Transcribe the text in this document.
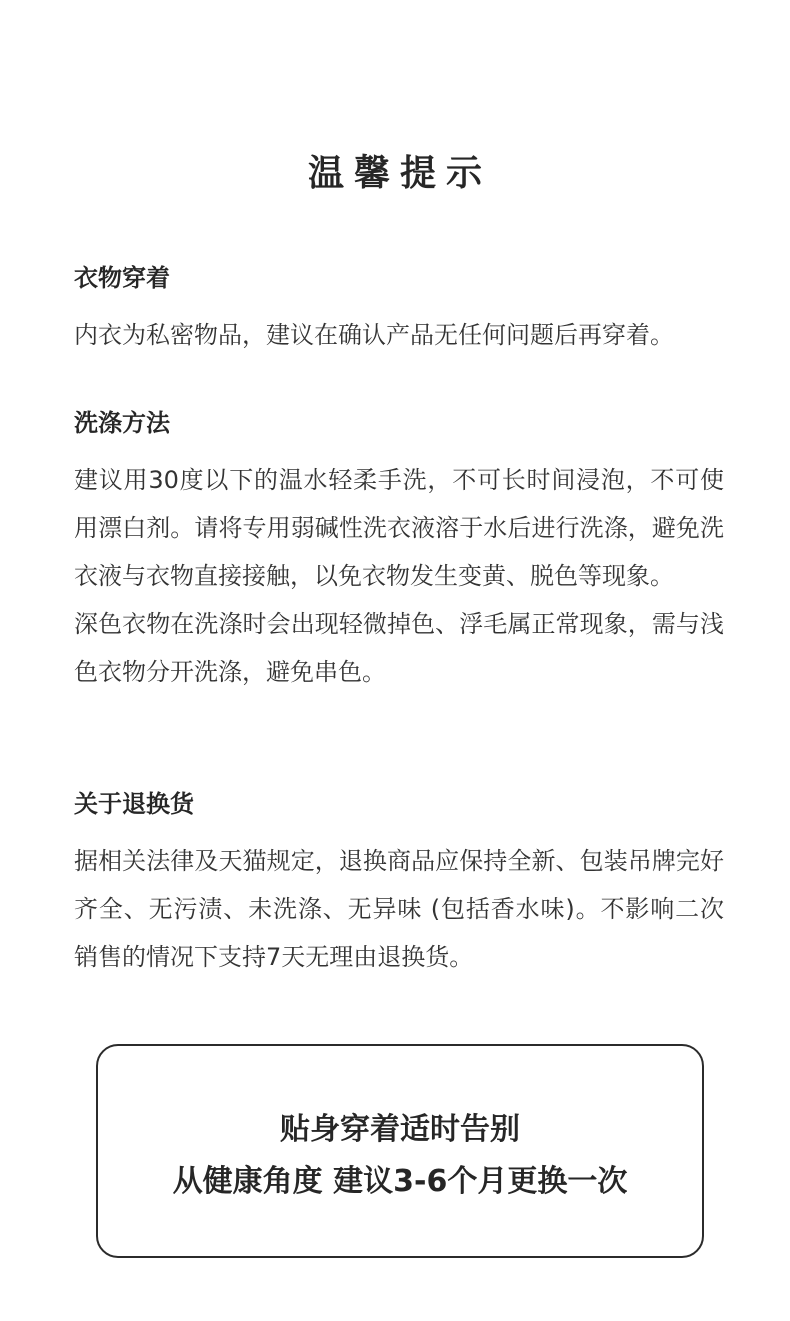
温馨提示
衣物穿着

内衣为私密物品，建议在确认产品无任何问题后再穿着。

洗涤方法

建议用30度以下的温水轻柔手洗，不可长时间浸泡，不可使用漂白剂。请将专用弱碱性洗衣液溶于水后进行洗涤，避免洗衣液与衣物直接接触，以免衣物发生变黄、脱色等现象。

深色衣物在洗涤时会出现轻微掉色、浮毛属正常现象，需与浅色衣物分开洗涤，避免串色。

关于退换货

据相关法律及天猫规定，退换商品应保持全新、包装吊牌完好齐全、无污渍、未洗涤、无异味 (包括香水味)。不影响二次销售的情况下支持7天无理由退换货。

贴身穿着适时告别
从健康角度 建议3-6个月更换一次
